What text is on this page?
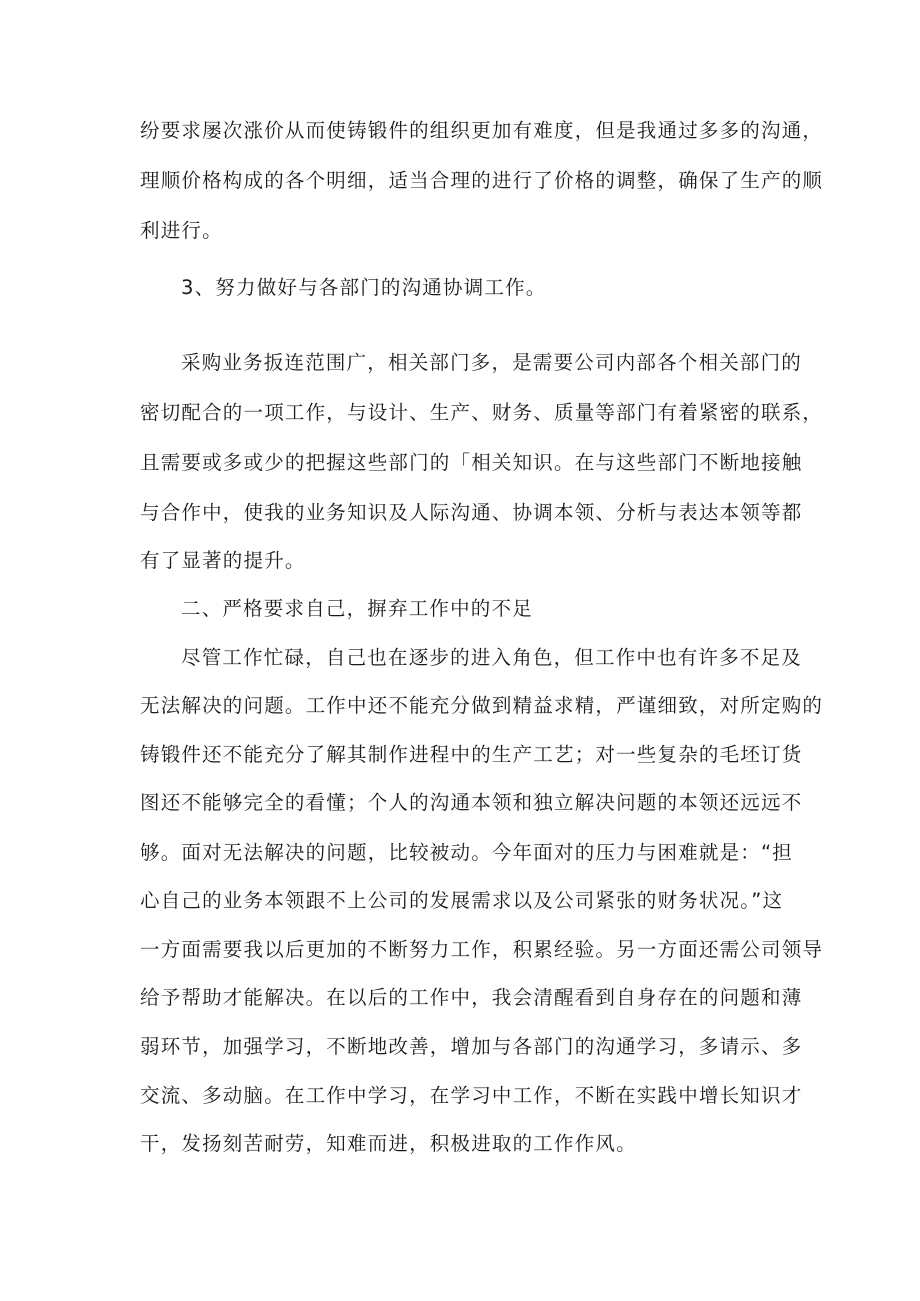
纷要求屡次涨价从而使铸锻件的组织更加有难度，但是我通过多多的沟通，
理顺价格构成的各个明细，适当合理的进行了价格的调整，确保了生产的顺
利进行。
3、努力做好与各部门的沟通协调工作。
采购业务扳连范围广，相关部门多，是需要公司内部各个相关部门的
密切配合的一项工作，与设计、生产、财务、质量等部门有着紧密的联系，
且需要或多或少的把握这些部门的「相关知识。在与这些部门不断地接触
与合作中，使我的业务知识及人际沟通、协调本领、分析与表达本领等都
有了显著的提升。
二、严格要求自己，摒弃工作中的不足
尽管工作忙碌，自己也在逐步的进入角色，但工作中也有许多不足及
无法解决的问题。工作中还不能充分做到精益求精，严谨细致，对所定购的
铸锻件还不能充分了解其制作进程中的生产工艺；对一些复杂的毛坯订货
图还不能够完全的看懂；个人的沟通本领和独立解决问题的本领还远远不
够。面对无法解决的问题，比较被动。今年面对的压力与困难就是：“担
心自己的业务本领跟不上公司的发展需求以及公司紧张的财务状况。”这
一方面需要我以后更加的不断努力工作，积累经验。另一方面还需公司领导
给予帮助才能解决。在以后的工作中，我会清醒看到自身存在的问题和薄
弱环节，加强学习，不断地改善，增加与各部门的沟通学习，多请示、多
交流、多动脑。在工作中学习，在学习中工作，不断在实践中增长知识才
干，发扬刻苦耐劳，知难而进，积极进取的工作作风。
